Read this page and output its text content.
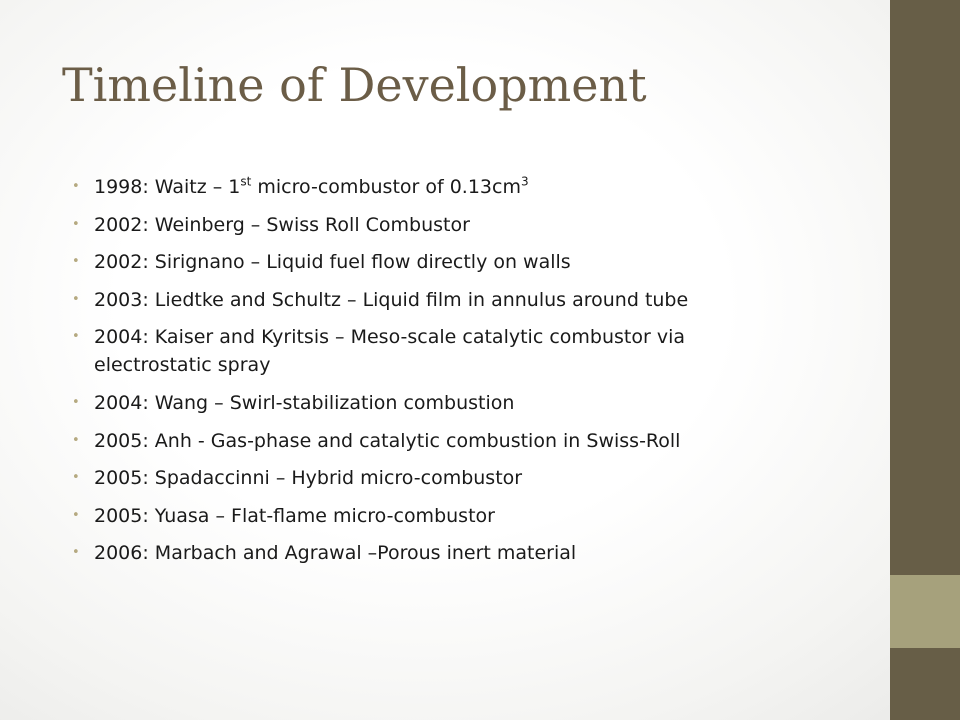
Timeline of Development
• 1998: Waitz – 1st micro-combustor of $0.13cm^3$
• 2002: Weinberg – Swiss Roll Combustor
• 2002: Sirignano – Liquid fuel flow directly on walls
• 2003: Liedtke and Schultz – Liquid film in annulus around tube
• 2004: Kaiser and Kyritsis – Meso-scale catalytic combustor via electrostatic spray
• 2004: Wang – Swirl-stabilization combustion
• 2005: Anh - Gas-phase and catalytic combustion in Swiss-Roll
• 2005: Spadaccinni – Hybrid micro-combustor
• 2005: Yuasa – Flat-flame micro-combustor
• 2006: Marbach and Agrawal –Porous inert material
